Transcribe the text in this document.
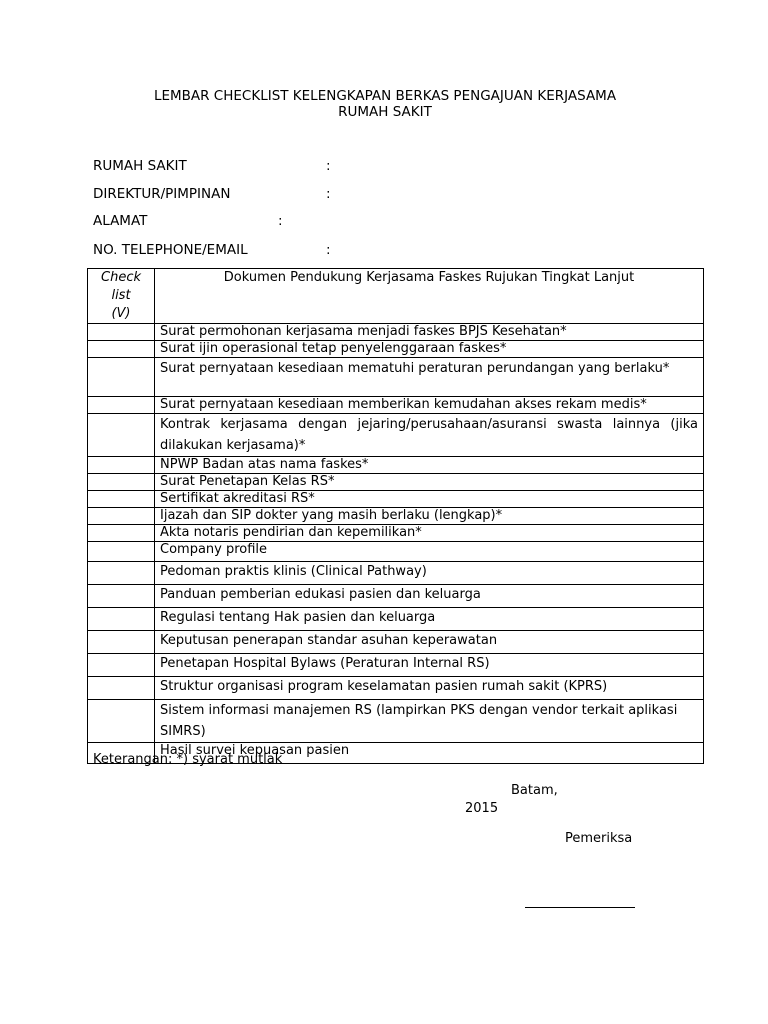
LEMBAR CHECKLIST KELENGKAPAN BERKAS PENGAJUAN KERJASAMA
RUMAH SAKIT
RUMAH SAKIT	:
DIREKTUR/PIMPINAN	:
ALAMAT	:
NO. TELEPHONE/EMAIL	:
Check
list
(V)	Dokumen Pendukung Kerjasama Faskes Rujukan Tingkat Lanjut
	Surat permohonan kerjasama menjadi faskes BPJS Kesehatan*
	Surat ijin operasional tetap penyelenggaraan faskes*
	Surat pernyataan kesediaan mematuhi peraturan perundangan yang berlaku*
	Surat pernyataan kesediaan memberikan kemudahan akses rekam medis*
	Kontrak kerjasama dengan jejaring/perusahaan/asuransi swasta lainnya (jika dilakukan kerjasama)*
	NPWP Badan atas nama faskes*
	Surat Penetapan Kelas RS*
	Sertifikat akreditasi RS*
	Ijazah dan SIP dokter yang masih berlaku (lengkap)*
	Akta notaris pendirian dan kepemilikan*
	Company profile
	Pedoman praktis klinis (Clinical Pathway)
	Panduan pemberian edukasi pasien dan keluarga
	Regulasi tentang Hak pasien dan keluarga
	Keputusan penerapan standar asuhan keperawatan
	Penetapan Hospital Bylaws (Peraturan Internal RS)
	Struktur organisasi program keselamatan pasien rumah sakit (KPRS)
	Sistem informasi manajemen RS (lampirkan PKS dengan vendor terkait aplikasi SIMRS)
	Hasil survei kepuasan pasien
Keterangan: *) syarat mutlak
Batam,
2015
Pemeriksa
